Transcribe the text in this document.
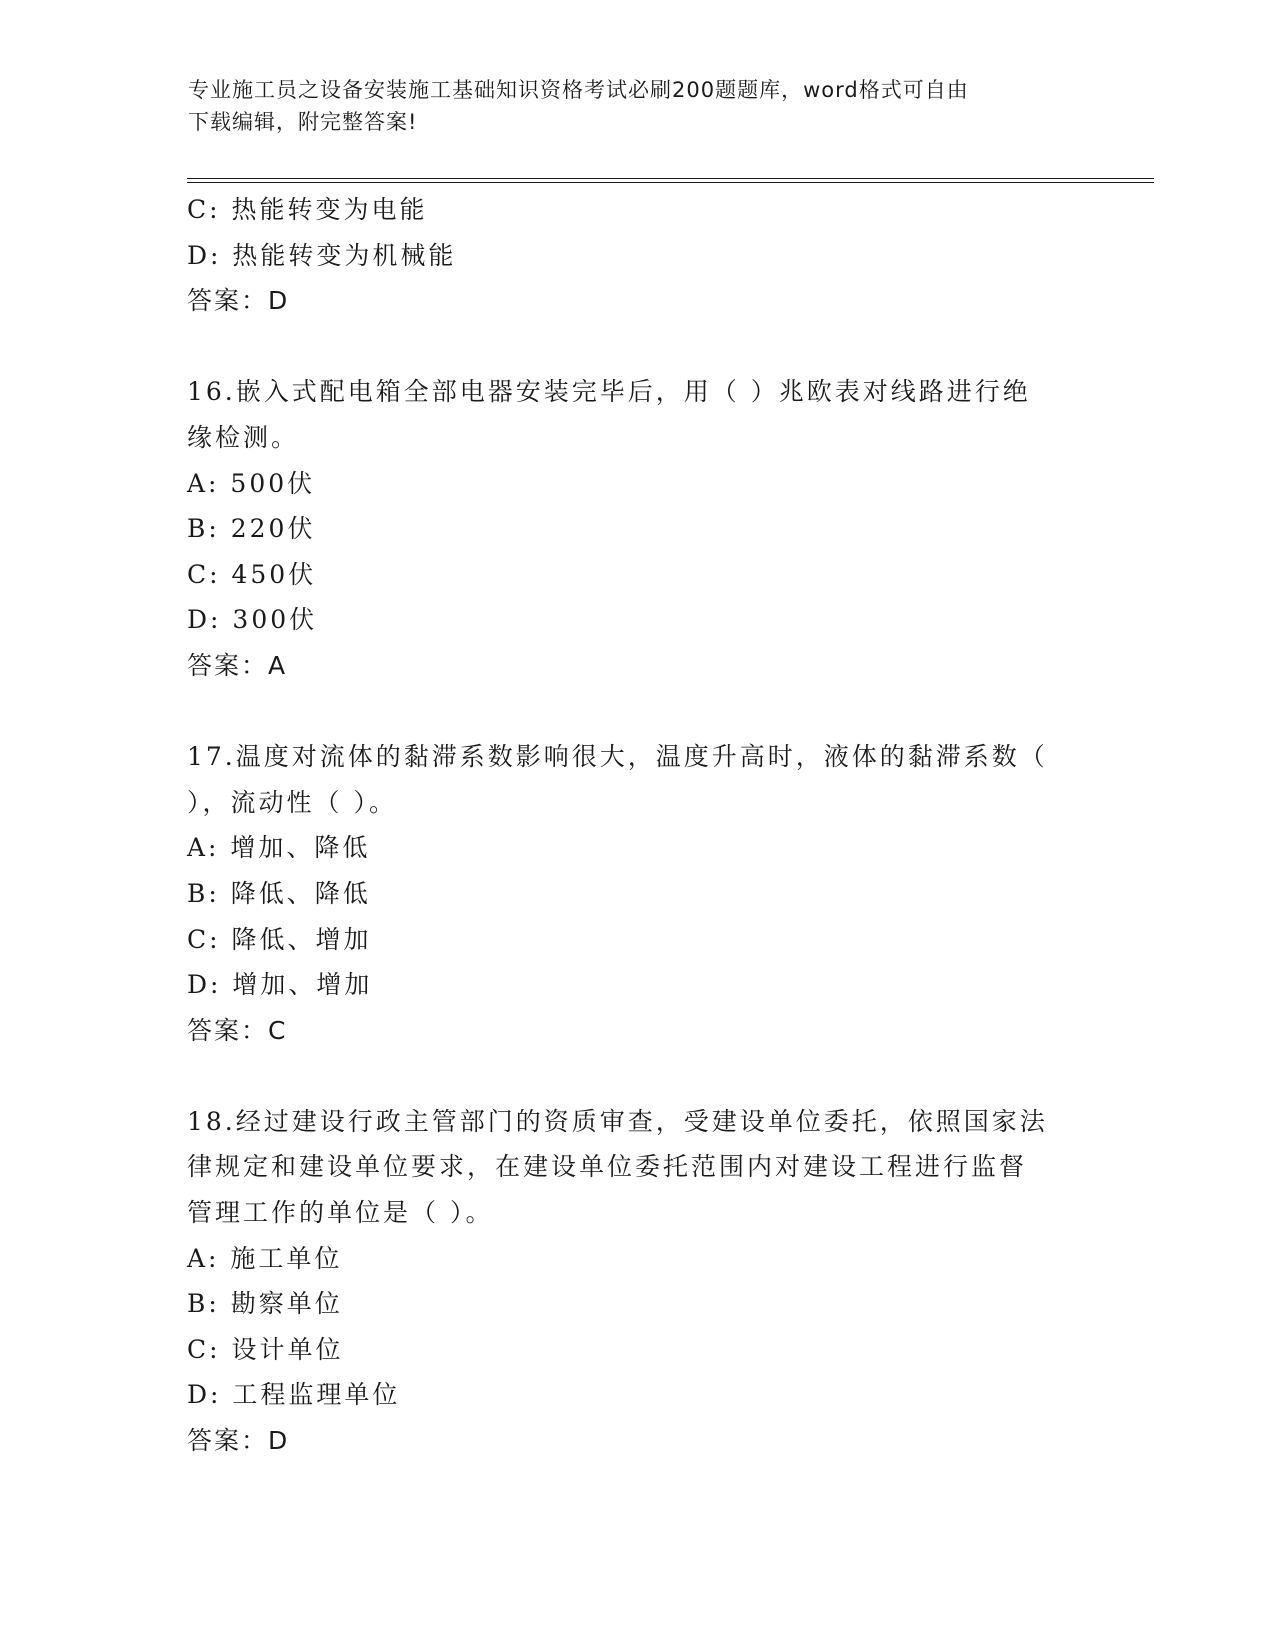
专业施工员之设备安装施工基础知识资格考试必刷200题题库，word格式可自由
下载编辑，附完整答案!
C: 热能转变为电能
D: 热能转变为机械能
答案：D
16.嵌入式配电箱全部电器安装完毕后，用（ ）兆欧表对线路进行绝
缘检测。
A: 500伏
B: 220伏
C: 450伏
D: 300伏
答案：A
17.温度对流体的黏滞系数影响很大，温度升高时，液体的黏滞系数（
），流动性（ ）。
A: 增加、降低
B: 降低、降低
C: 降低、增加
D: 增加、增加
答案：C
18.经过建设行政主管部门的资质审查，受建设单位委托，依照国家法
律规定和建设单位要求，在建设单位委托范围内对建设工程进行监督
管理工作的单位是（ ）。
A: 施工单位
B: 勘察单位
C: 设计单位
D: 工程监理单位
答案：D
